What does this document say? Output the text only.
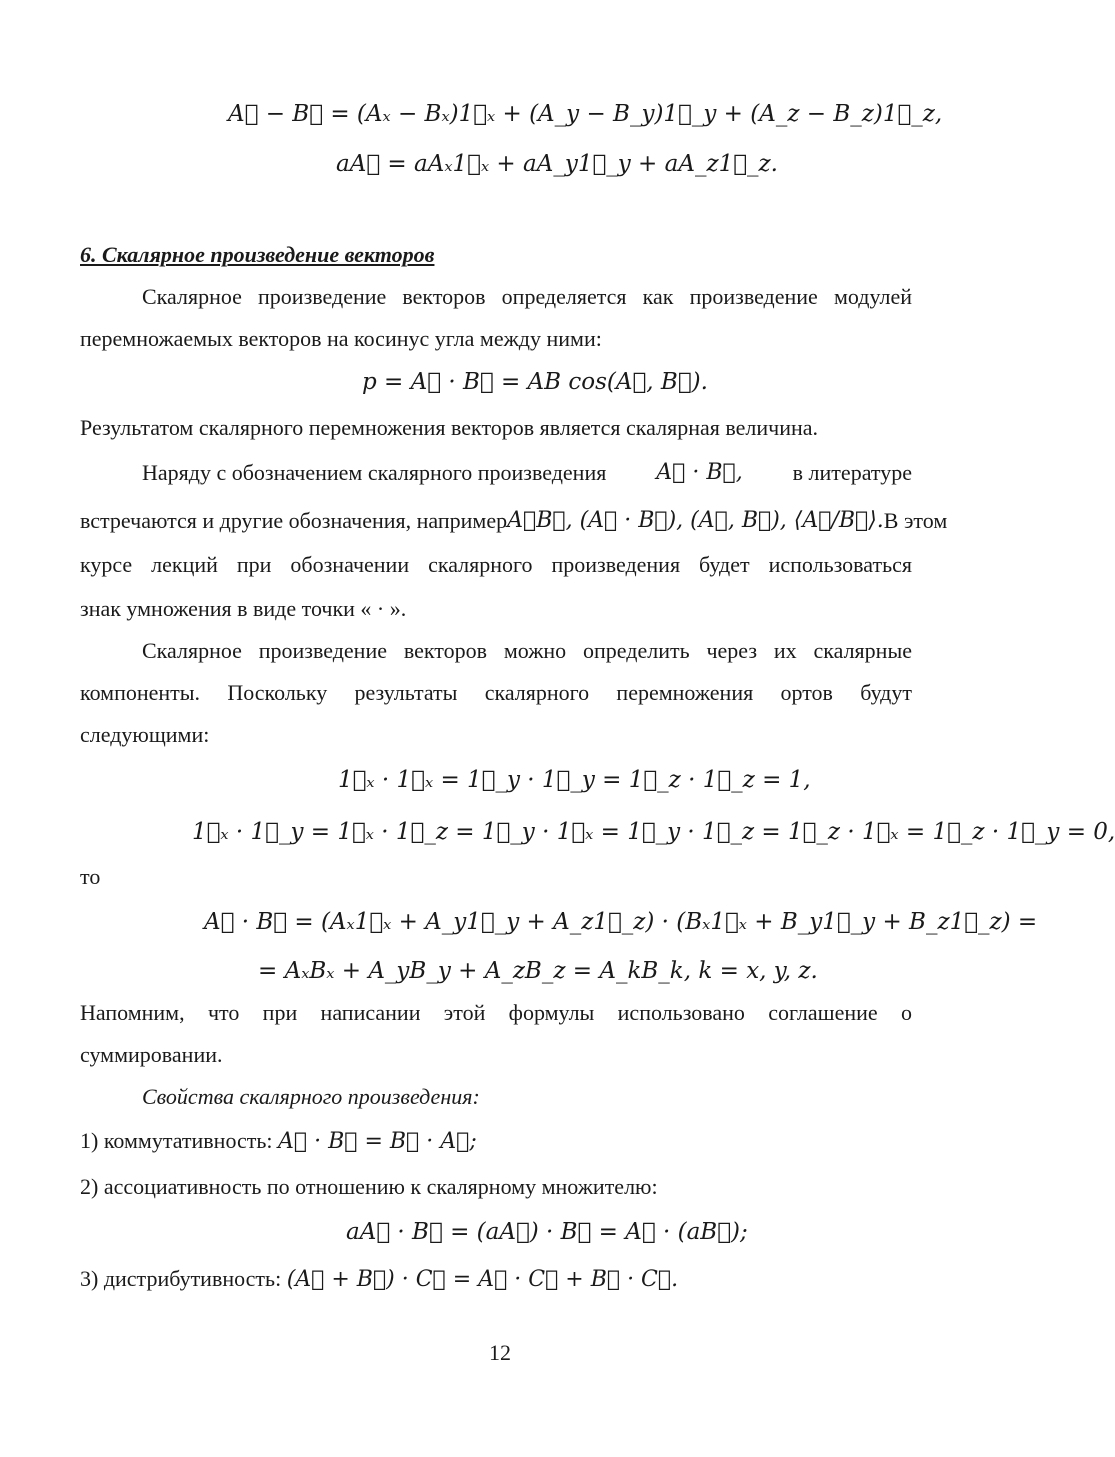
A⃗ − B⃗ = (Aₓ − Bₓ)1⃗ₓ + (A_y − B_y)1⃗_y + (A_z − B_z)1⃗_z,
aA⃗ = aAₓ1⃗ₓ + aA_y1⃗_y + aA_z1⃗_z.
6. Скалярное произведение векторов
Скалярное произведение векторов определяется как произведение модулей
перемножаемых векторов на косинус угла между ними:
p = A⃗ · B⃗ = AB cos(A⃗, B⃗).
Результатом скалярного перемножения векторов является скалярная величина.
Наряду с обозначением скалярного произведения A⃗ · B⃗, в литературе
встречаются и другие обозначения, например A⃗B⃗, (A⃗ · B⃗), (A⃗, B⃗), ⟨A⃗/B⃗⟩. В этом
курсе лекций при обозначении скалярного произведения будет использоваться
знак умножения в виде точки « · ».
Скалярное произведение векторов можно определить через их скалярные
компоненты. Поскольку результаты скалярного перемножения ортов будут
следующими:
1⃗ₓ · 1⃗ₓ = 1⃗_y · 1⃗_y = 1⃗_z · 1⃗_z = 1,
1⃗ₓ · 1⃗_y = 1⃗ₓ · 1⃗_z = 1⃗_y · 1⃗ₓ = 1⃗_y · 1⃗_z = 1⃗_z · 1⃗ₓ = 1⃗_z · 1⃗_y = 0,
то
A⃗ · B⃗ = (Aₓ1⃗ₓ + A_y1⃗_y + A_z1⃗_z) · (Bₓ1⃗ₓ + B_y1⃗_y + B_z1⃗_z) =
= AₓBₓ + A_yB_y + A_zB_z = A_kB_k, k = x, y, z.
Напомним, что при написании этой формулы использовано соглашение о
суммировании.
Свойства скалярного произведения:
1) коммутативность: A⃗ · B⃗ = B⃗ · A⃗;
2) ассоциативность по отношению к скалярному множителю:
aA⃗ · B⃗ = (aA⃗) · B⃗ = A⃗ · (aB⃗);
3) дистрибутивность: (A⃗ + B⃗) · C⃗ = A⃗ · C⃗ + B⃗ · C⃗.
12
